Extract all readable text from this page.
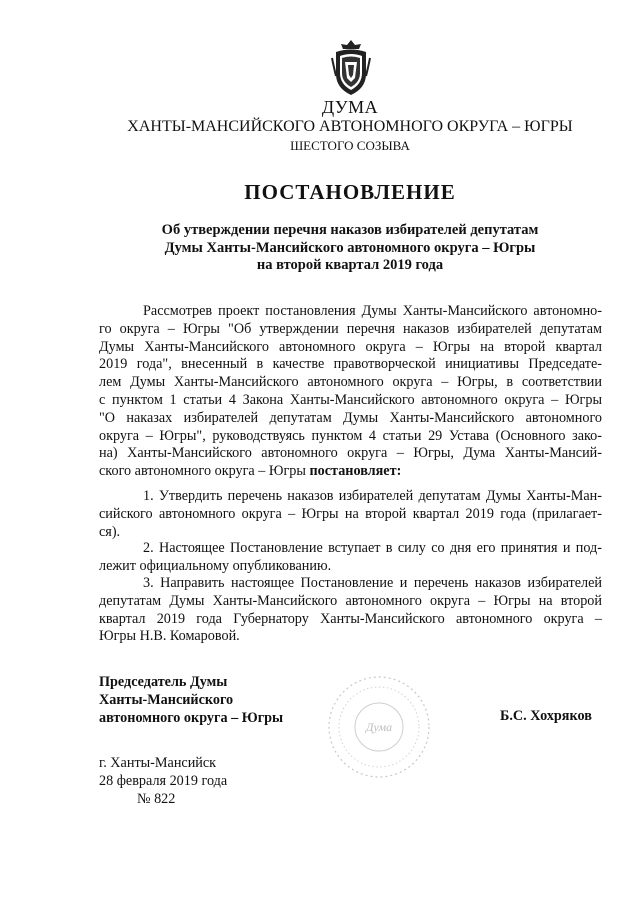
ДУМА
ХАНТЫ-МАНСИЙСКОГО АВТОНОМНОГО ОКРУГА – ЮГРЫ
ШЕСТОГО СОЗЫВА
ПОСТАНОВЛЕНИЕ
Об утверждении перечня наказов избирателей депутатам
Думы Ханты-Мансийского автономного округа – Югры
на второй квартал 2019 года
Рассмотрев проект постановления Думы Ханты-Мансийского автономно-
го округа – Югры "Об утверждении перечня наказов избирателей депутатам
Думы Ханты-Мансийского автономного округа – Югры на второй квартал
2019 года", внесенный в качестве правотворческой инициативы Председате-
лем Думы Ханты-Мансийского автономного округа – Югры, в соответствии
с пунктом 1 статьи 4 Закона Ханты-Мансийского автономного округа – Югры
"О наказах избирателей депутатам Думы Ханты-Мансийского автономного
округа – Югры", руководствуясь пунктом 4 статьи 29 Устава (Основного зако-
на) Ханты-Мансийского автономного округа – Югры, Дума Ханты-Мансий-
ского автономного округа – Югры постановляет:
1. Утвердить перечень наказов избирателей депутатам Думы Ханты-Ман-
сийского автономного округа – Югры на второй квартал 2019 года (прилагает-
ся).
2. Настоящее Постановление вступает в силу со дня его принятия и под-
лежит официальному опубликованию.
3. Направить настоящее Постановление и перечень наказов избирателей
депутатам Думы Ханты-Мансийского автономного округа – Югры на второй
квартал 2019 года Губернатору Ханты-Мансийского автономного округа –
Югры Н.В. Комаровой.
Председатель Думы
Ханты-Мансийского
автономного округа – Югры
Дума
Б.С. Хохряков
г. Ханты-Мансийск
28 февраля 2019 года
№ 822
